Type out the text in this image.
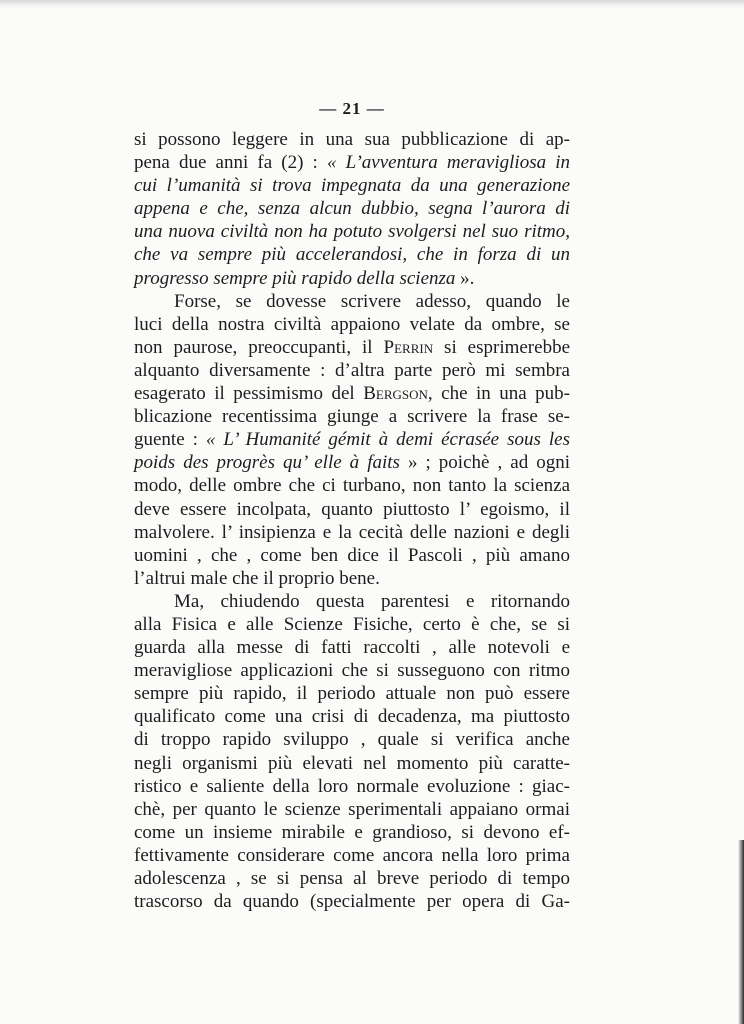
— 21 —
si possono leggere in una sua pubblicazione di ap-
pena due anni fa (2) : « L’avventura meravigliosa in
cui l’umanità si trova impegnata da una generazione
appena e che, senza alcun dubbio, segna l’aurora di
una nuova civiltà non ha potuto svolgersi nel suo ritmo,
che va sempre più accelerandosi, che in forza di un
progresso sempre più rapido della scienza ».
Forse, se dovesse scrivere adesso, quando le
luci della nostra civiltà appaiono velate da ombre, se
non paurose, preoccupanti, il Perrin si esprimerebbe
alquanto diversamente : d’altra parte però mi sembra
esagerato il pessimismo del Bergson, che in una pub-
blicazione recentissima giunge a scrivere la frase se-
guente : « L’ Humanité gémit à demi écrasée sous les
poids des progrès qu’ elle à faits » ; poichè , ad ogni
modo, delle ombre che ci turbano, non tanto la scienza
deve essere incolpata, quanto piuttosto l’ egoismo, il
malvolere. l’ insipienza e la cecità delle nazioni e degli
uomini , che , come ben dice il Pascoli , più amano
l’altrui male che il proprio bene.
Ma, chiudendo questa parentesi e ritornando
alla Fisica e alle Scienze Fisiche, certo è che, se si
guarda alla messe di fatti raccolti , alle notevoli e
meravigliose applicazioni che si susseguono con ritmo
sempre più rapido, il periodo attuale non può essere
qualificato come una crisi di decadenza, ma piuttosto
di troppo rapido sviluppo , quale si verifica anche
negli organismi più elevati nel momento più caratte-
ristico e saliente della loro normale evoluzione : giac-
chè, per quanto le scienze sperimentali appaiano ormai
come un insieme mirabile e grandioso, si devono ef-
fettivamente considerare come ancora nella loro prima
adolescenza , se si pensa al breve periodo di tempo
trascorso da quando (specialmente per opera di Ga-
